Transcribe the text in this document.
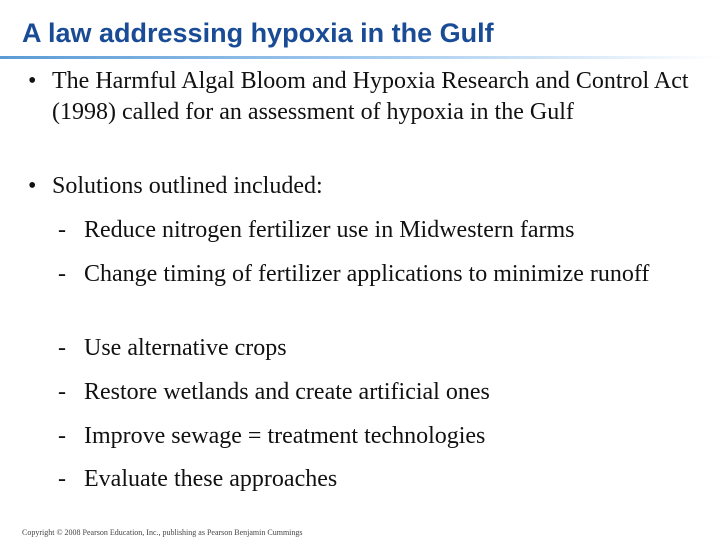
A law addressing hypoxia in the Gulf
• The Harmful Algal Bloom and Hypoxia Research and Control Act (1998) called for an assessment of hypoxia in the Gulf
• Solutions outlined included:
- Reduce nitrogen fertilizer use in Midwestern farms
- Change timing of fertilizer applications to minimize runoff
- Use alternative crops
- Restore wetlands and create artificial ones
- Improve sewage = treatment technologies
- Evaluate these approaches
Copyright © 2008 Pearson Education, Inc., publishing as Pearson Benjamin Cummings
